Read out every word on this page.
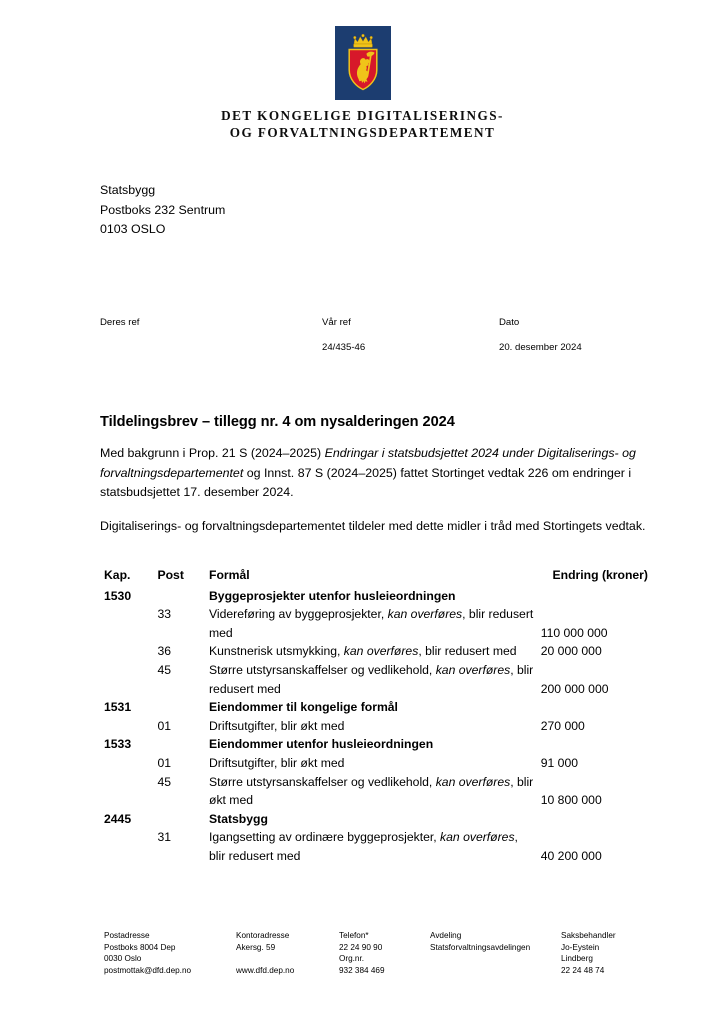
DET KONGELIGE DIGITALISERINGS-
OG FORVALTNINGSDEPARTEMENT
Statsbygg
Postboks 232 Sentrum
0103 OSLO
Deres ref	Vår ref
24/435-46
Dato
20. desember 2024
Tildelingsbrev – tillegg nr. 4 om nysalderingen 2024
Med bakgrunn i Prop. 21 S (2024–2025) Endringar i statsbudsjettet 2024 under Digitaliserings- og forvaltningsdepartementet og Innst. 87 S (2024–2025) fattet Stortinget vedtak 226 om endringer i statsbudsjettet 17. desember 2024.
Digitaliserings- og forvaltningsdepartementet tildeler med dette midler i tråd med Stortingets vedtak.
Kap.	Post	Formål	Endring (kroner)
1530		Byggeprosjekter utenfor husleieordningen	
	33	Videreføring av byggeprosjekter, kan overføres, blir redusert med	110 000 000
	36	Kunstnerisk utsmykking, kan overføres, blir redusert med	20 000 000
	45	Større utstyrsanskaffelser og vedlikehold, kan overføres, blir redusert med	200 000 000
1531		Eiendommer til kongelige formål	
	01	Driftsutgifter, blir økt med	270 000
1533		Eiendommer utenfor husleieordningen	
	01	Driftsutgifter, blir økt med	91 000
	45	Større utstyrsanskaffelser og vedlikehold, kan overføres, blir økt med	10 800 000
2445		Statsbygg	
	31	Igangsetting av ordinære byggeprosjekter, kan overføres, blir redusert med	40 200 000
Postadresse
Postboks 8004 Dep
0030 Oslo
postmottak@dfd.dep.no
Kontoradresse
Akersg. 59
www.dfd.dep.no
Telefon*
22 24 90 90
Org.nr.
932 384 469
Avdeling
Statsforvaltningsavdelingen
Saksbehandler
Jo-Eystein
Lindberg
22 24 48 74
